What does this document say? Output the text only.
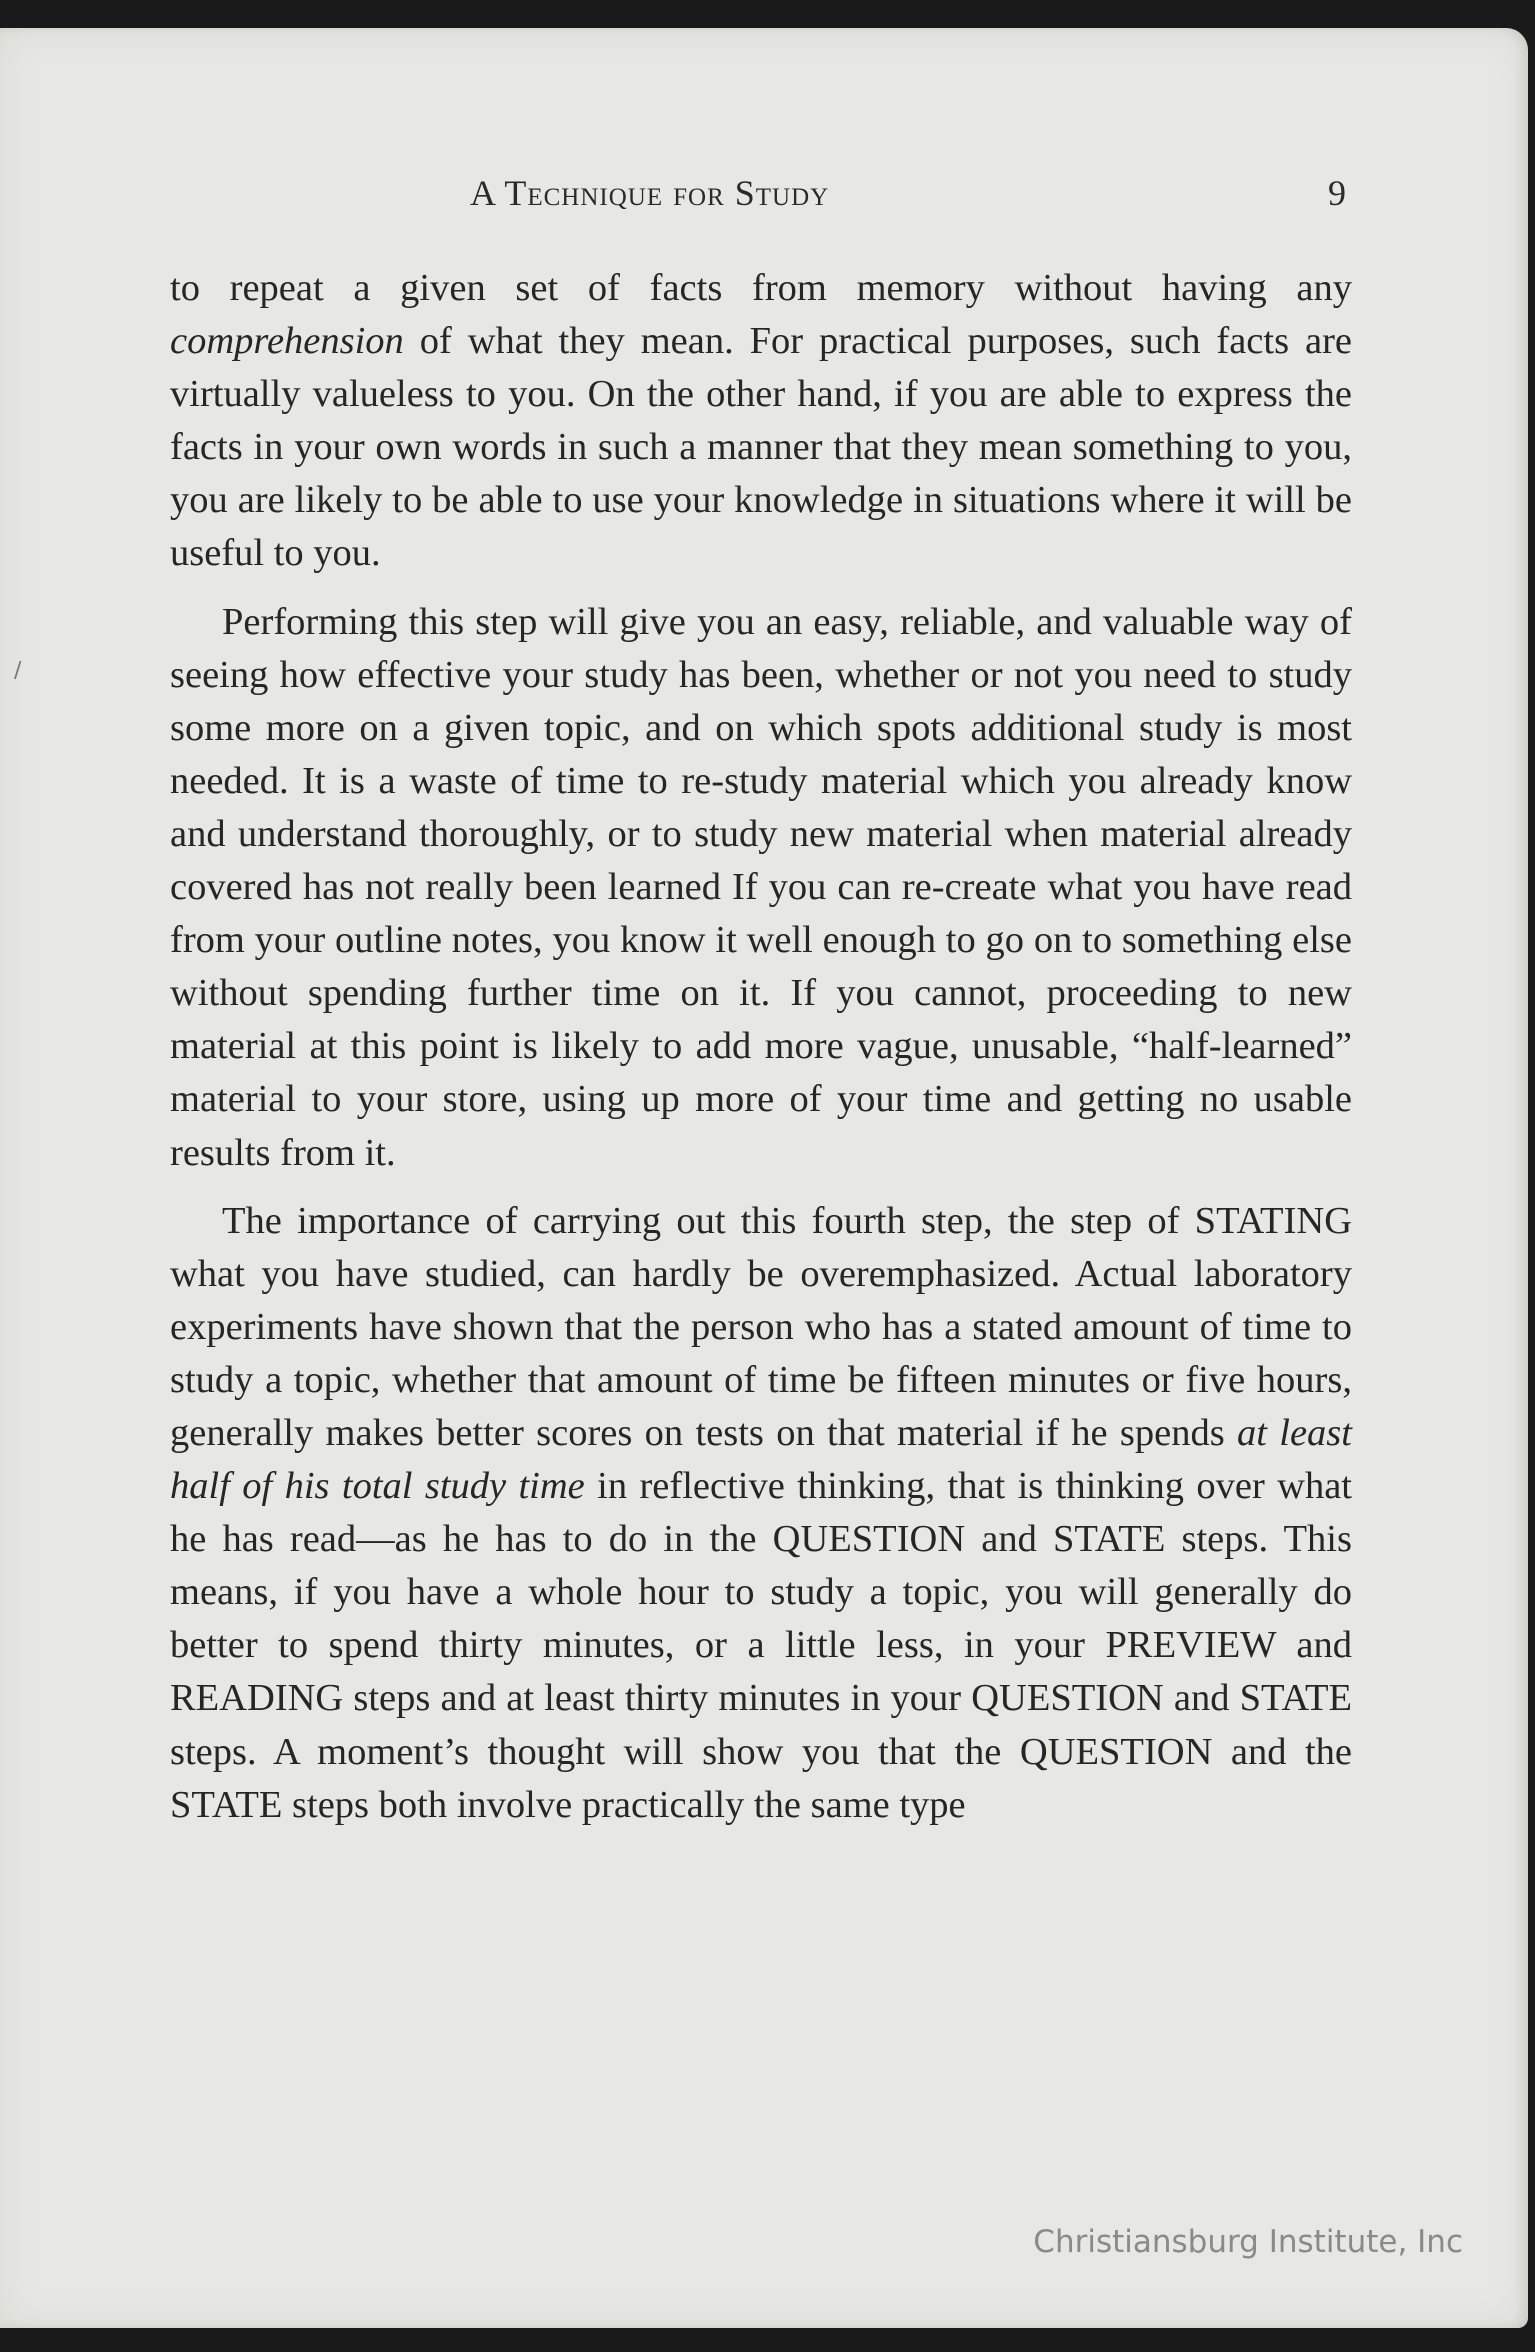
∕
A Technique for Study	9

to repeat a given set of facts from memory without having any comprehension of what they mean. For practical purposes, such facts are virtually valueless to you. On the other hand, if you are able to express the facts in your own words in such a manner that they mean something to you, you are likely to be able to use your knowledge in situations where it will be useful to you.

Performing this step will give you an easy, reliable, and valuable way of seeing how effective your study has been, whether or not you need to study some more on a given topic, and on which spots additional study is most needed. It is a waste of time to re-study material which you already know and understand thoroughly, or to study new material when material already covered has not really been learned If you can re-create what you have read from your outline notes, you know it well enough to go on to something else without spending further time on it. If you cannot, proceeding to new material at this point is likely to add more vague, unusable, “half-learned” material to your store, using up more of your time and getting no usable results from it.

The importance of carrying out this fourth step, the step of STATING what you have studied, can hardly be overemphasized. Actual laboratory experiments have shown that the person who has a stated amount of time to study a topic, whether that amount of time be fifteen minutes or five hours, generally makes better scores on tests on that material if he spends at least half of his total study time in reflective thinking, that is thinking over what he has read—as he has to do in the QUESTION and STATE steps. This means, if you have a whole hour to study a topic, you will generally do better to spend thirty minutes, or a little less, in your PREVIEW and READING steps and at least thirty minutes in your QUESTION and STATE steps. A moment’s thought will show you that the QUESTION and the STATE steps both involve practically the same type

Christiansburg Institute, Inc
